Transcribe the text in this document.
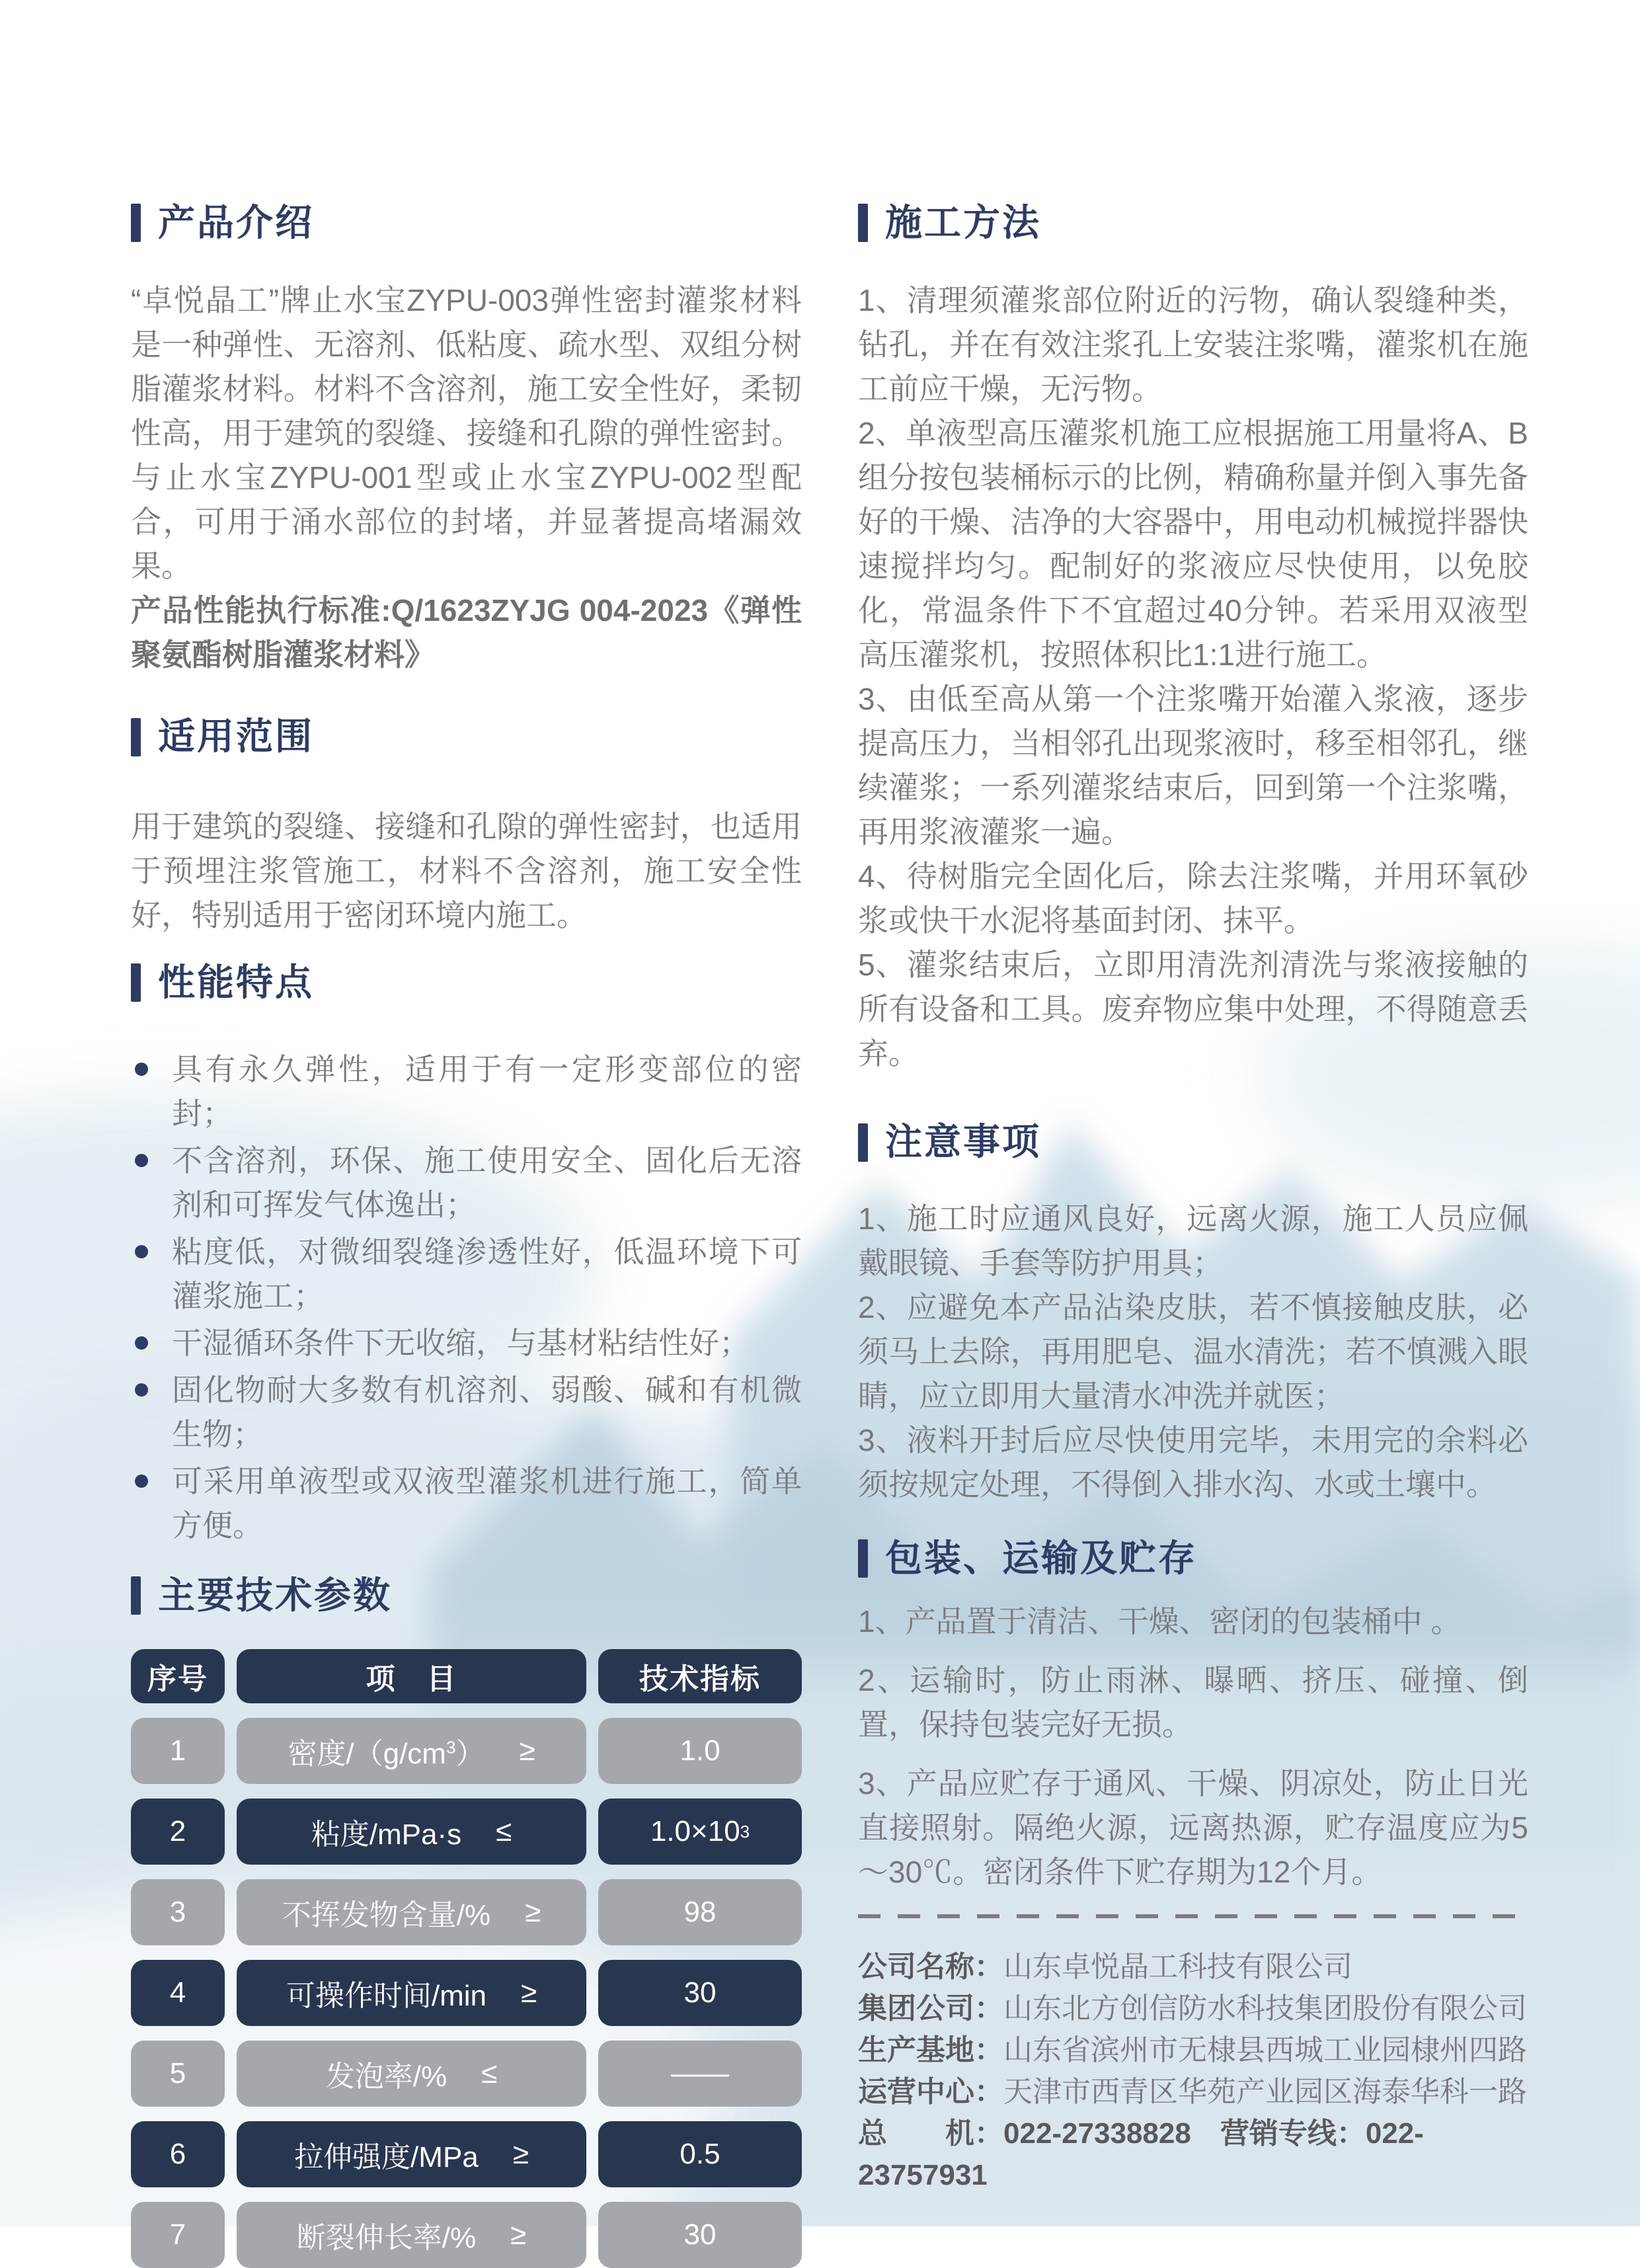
产品介绍

“卓悦晶工”牌止水宝ZYPU-003弹性密封灌浆材料是一种弹性、无溶剂、低粘度、疏水型、双组分树脂灌浆材料。材料不含溶剂，施工安全性好，柔韧性高，用于建筑的裂缝、接缝和孔隙的弹性密封。与止水宝ZYPU-001型或止水宝ZYPU-002型配合，可用于涌水部位的封堵，并显著提高堵漏效果。

产品性能执行标准:Q/1623ZYJG 004-2023《弹性聚氨酯树脂灌浆材料》

适用范围

用于建筑的裂缝、接缝和孔隙的弹性密封，也适用于预埋注浆管施工，材料不含溶剂，施工安全性好，特别适用于密闭环境内施工。

性能特点
具有永久弹性，适用于有一定形变部位的密封；
不含溶剂，环保、施工使用安全、固化后无溶剂和可挥发气体逸出；
粘度低，对微细裂缝渗透性好，低温环境下可灌浆施工；
干湿循环条件下无收缩，与基材粘结性好；
固化物耐大多数有机溶剂、弱酸、碱和有机微生物；
可采用单液型或双液型灌浆机进行施工，简单方便。
主要技术参数
序号	项　目	技术指标
1	密度$/(g/cm^3)$ ≥	1.0
2	粘度/mPa·s ≤	1.0×10 3
3	不挥发物含量/% ≥	98
4	可操作时间/min ≥	30
5	发泡率/% ≤	——
6	拉伸强度/MPa ≥	0.5
7	断裂伸长率/% ≥	30
施工方法

1、清理须灌浆部位附近的污物，确认裂缝种类，钻孔，并在有效注浆孔上安装注浆嘴，灌浆机在施工前应干燥，无污物。

2、单液型高压灌浆机施工应根据施工用量将A、B组分按包装桶标示的比例，精确称量并倒入事先备好的干燥、洁净的大容器中，用电动机械搅拌器快速搅拌均匀。配制好的浆液应尽快使用，以免胶化，常温条件下不宜超过40分钟。若采用双液型高压灌浆机，按照体积比1:1进行施工。

3、由低至高从第一个注浆嘴开始灌入浆液，逐步提高压力，当相邻孔出现浆液时，移至相邻孔，继续灌浆；一系列灌浆结束后，回到第一个注浆嘴，再用浆液灌浆一遍。

4、待树脂完全固化后，除去注浆嘴，并用环氧砂浆或快干水泥将基面封闭、抹平。

5、灌浆结束后，立即用清洗剂清洗与浆液接触的所有设备和工具。废弃物应集中处理，不得随意丢弃。

注意事项

1、施工时应通风良好，远离火源，施工人员应佩戴眼镜、手套等防护用具；

2、应避免本产品沾染皮肤，若不慎接触皮肤，必须马上去除，再用肥皂、温水清洗；若不慎溅入眼睛，应立即用大量清水冲洗并就医；

3、液料开封后应尽快使用完毕，未用完的余料必须按规定处理，不得倒入排水沟、水或土壤中。

包装、运输及贮存

1、产品置于清洁、干燥、密闭的包装桶中 。

2、运输时，防止雨淋、曝晒、挤压、碰撞、倒置，保持包装完好无损。

3、产品应贮存于通风、干燥、阴凉处，防止日光直接照射。隔绝火源，远离热源，贮存温度应为5～30℃。密闭条件下贮存期为12个月。

公司名称：山东卓悦晶工科技有限公司

集团公司：山东北方创信防水科技集团股份有限公司

生产基地：山东省滨州市无棣县西城工业园棣州四路

运营中心：天津市西青区华苑产业园区海泰华科一路

总　　机：022-27338828 营销专线：022-23757931
